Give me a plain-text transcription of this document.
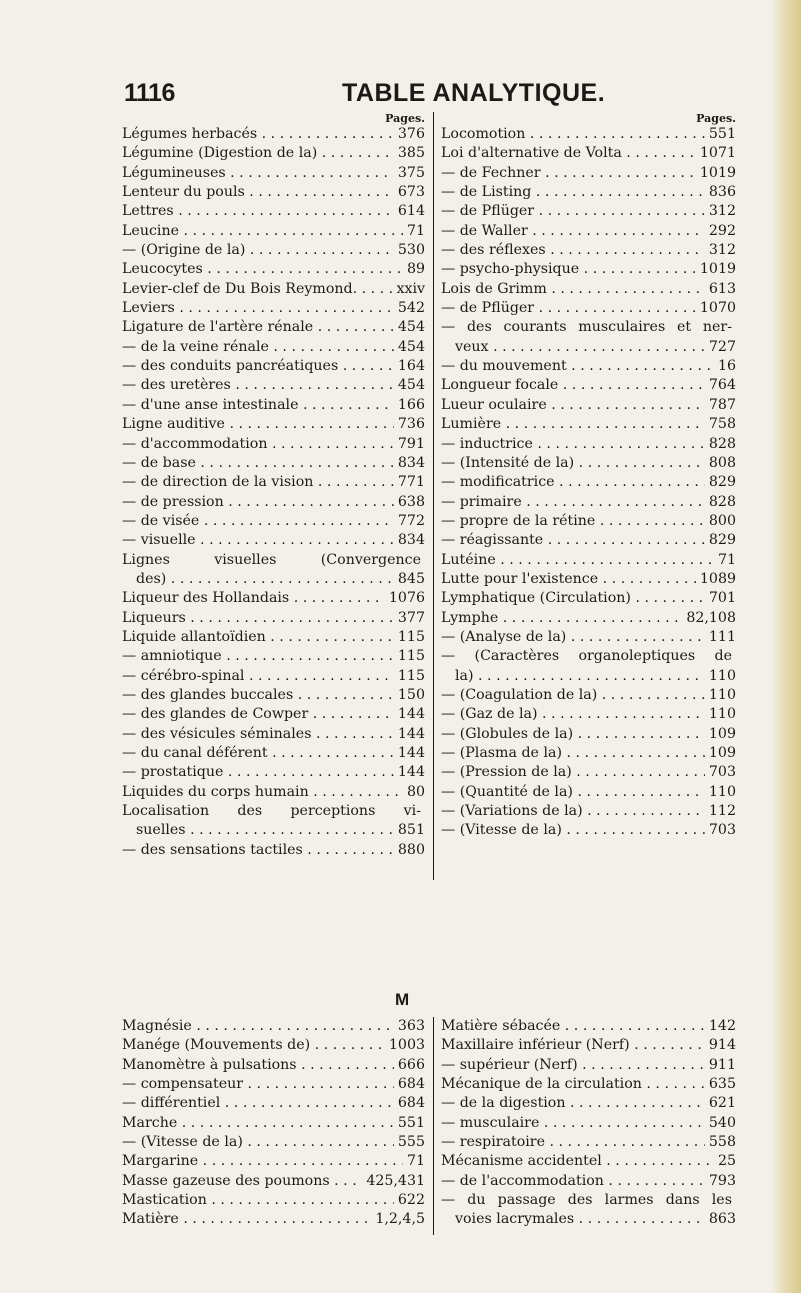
1116	TABLE ANALYTIQUE.
Pages.
Légumes herbacés . . .	376
Légumine (Digestion de la) . . .	385
Légumineuses . . .	375
Lenteur du pouls . . .	673
Lettres . . .	614
Leucine . . .	71
— (Origine de la) . . .	530
Leucocytes . . .	89
Levier-clef de Du Bois Reymond. . . .	xxiv
Leviers . . .	542
Ligature de l'artère rénale . . .	454
— de la veine rénale . . .	454
— des conduits pancréatiques . . .	164
— des uretères . . .	454
— d'une anse intestinale . . .	166
Ligne auditive . . .	736
— d'accommodation . . .	791
— de base . . .	834
— de direction de la vision . . .	771
— de pression . . .	638
— de visée . . .	772
— visuelle . . .	834
Lignes visuelles (Convergence
des) . . .	845
Liqueur des Hollandais . . .	1076
Liqueurs . . .	377
Liquide allantoïdien . . .	115
— amniotique . . .	115
— cérébro-spinal . . .	115
— des glandes buccales . . .	150
— des glandes de Cowper . . .	144
— des vésicules séminales . . .	144
— du canal déférent . . .	144
— prostatique . . .	144
Liquides du corps humain . . .	80
Localisation des perceptions vi-
suelles . . .	851
— des sensations tactiles . . .	880
Pages.
Locomotion . . .	551
Loi d'alternative de Volta . . .	1071
— de Fechner . . .	1019
— de Listing . . .	836
— de Pflüger . . .	312
— de Waller . . .	292
— des réflexes . . .	312
— psycho-physique . . .	1019
Lois de Grimm . . .	613
— de Pflüger . . .	1070
— des courants musculaires et ner-
veux . . .	727
— du mouvement . . .	16
Longueur focale . . .	764
Lueur oculaire . . .	787
Lumière . . .	758
— inductrice . . .	828
— (Intensité de la) . . .	808
— modificatrice . . .	829
— primaire . . .	828
— propre de la rétine . . .	800
— réagissante . . .	829
Lutéine . . .	71
Lutte pour l'existence . . .	1089
Lymphatique (Circulation) . . .	701
Lymphe . . .	82,108
— (Analyse de la) . . .	111
— (Caractères organoleptiques de
la) . . .	110
— (Coagulation de la) . . .	110
— (Gaz de la) . . .	110
— (Globules de la) . . .	109
— (Plasma de la) . . .	109
— (Pression de la) . . .	703
— (Quantité de la) . . .	110
— (Variations de la) . . .	112
— (Vitesse de la) . . .	703
M
Magnésie . . .	363
Manége (Mouvements de) . . .	1003
Manomètre à pulsations . . .	666
— compensateur . . .	684
— différentiel . . .	684
Marche . . .	551
— (Vitesse de la) . . .	555
Margarine . . .	71
Masse gazeuse des poumons . . .	425,431
Mastication . . .	622
Matière . . .	1,2,4,5
Matière sébacée . . .	142
Maxillaire inférieur (Nerf) . . .	914
— supérieur (Nerf) . . .	911
Mécanique de la circulation . . .	635
— de la digestion . . .	621
— musculaire . . .	540
— respiratoire . . .	558
Mécanisme accidentel . . .	25
— de l'accommodation . . .	793
— du passage des larmes dans les
voies lacrymales . . .	863
